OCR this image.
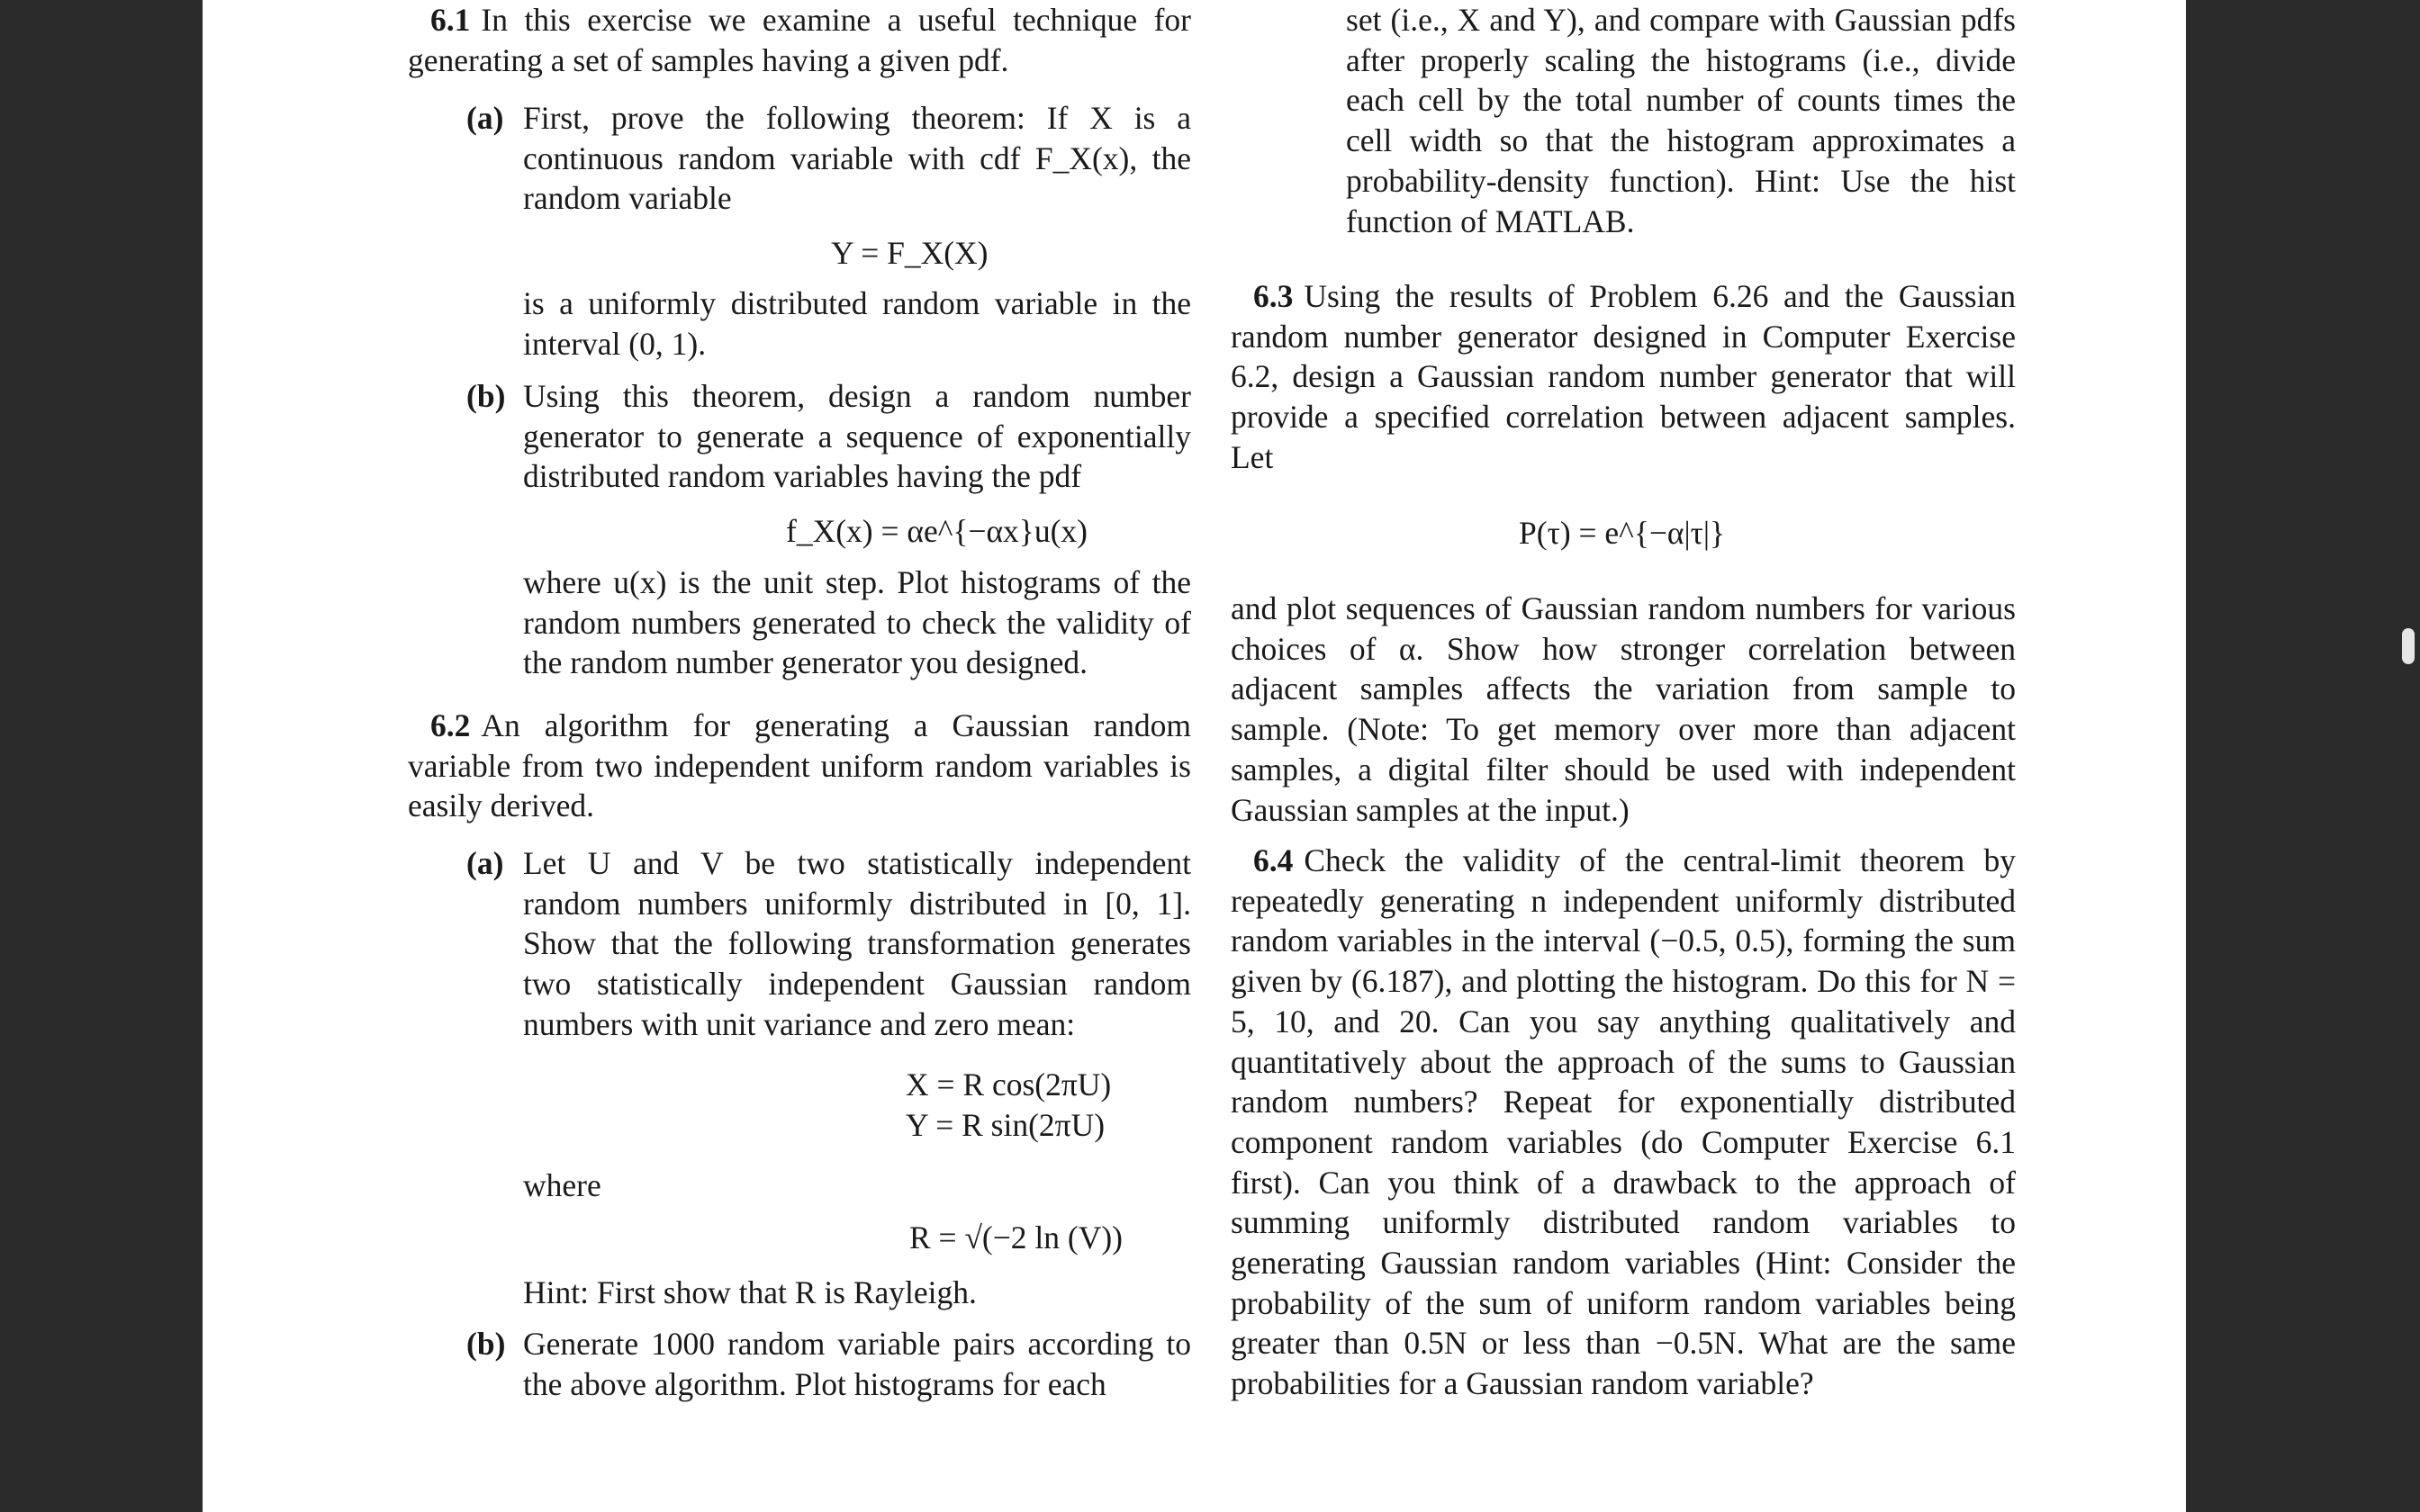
6.1 In this exercise we examine a useful technique for generating a set of samples having a given pdf.
(a) First, prove the following theorem: If X is a continuous random variable with cdf F_X(x), the random variable
Y = F_X(X)
is a uniformly distributed random variable in the interval (0, 1).
(b) Using this theorem, design a random number generator to generate a sequence of exponentially distributed random variables having the pdf
f_X(x) = αe^{−αx}u(x)
where u(x) is the unit step. Plot histograms of the random numbers generated to check the validity of the random number generator you designed.
6.2 An algorithm for generating a Gaussian random variable from two independent uniform random variables is easily derived.
(a) Let U and V be two statistically independent random numbers uniformly distributed in [0, 1]. Show that the following transformation generates two statistically independent Gaussian random numbers with unit variance and zero mean:
X = R cos(2πU)
Y = R sin(2πU)
where
R = √(−2 ln (V))
Hint: First show that R is Rayleigh.
(b) Generate 1000 random variable pairs according to the above algorithm. Plot histograms for each
set (i.e., X and Y), and compare with Gaussian pdfs after properly scaling the histograms (i.e., divide each cell by the total number of counts times the cell width so that the histogram approximates a probability-density function). Hint: Use the hist function of MATLAB.
6.3 Using the results of Problem 6.26 and the Gaussian random number generator designed in Computer Exercise 6.2, design a Gaussian random number generator that will provide a specified correlation between adjacent samples. Let
P(τ) = e^{−α|τ|}
and plot sequences of Gaussian random numbers for various choices of α. Show how stronger correlation between adjacent samples affects the variation from sample to sample. (Note: To get memory over more than adjacent samples, a digital filter should be used with independent Gaussian samples at the input.)
6.4 Check the validity of the central-limit theorem by repeatedly generating n independent uniformly distributed random variables in the interval (−0.5, 0.5), forming the sum given by (6.187), and plotting the histogram. Do this for N = 5, 10, and 20. Can you say anything qualitatively and quantitatively about the approach of the sums to Gaussian random numbers? Repeat for exponentially distributed component random variables (do Computer Exercise 6.1 first). Can you think of a drawback to the approach of summing uniformly distributed random variables to generating Gaussian random variables (Hint: Consider the probability of the sum of uniform random variables being greater than 0.5N or less than −0.5N. What are the same probabilities for a Gaussian random variable?
